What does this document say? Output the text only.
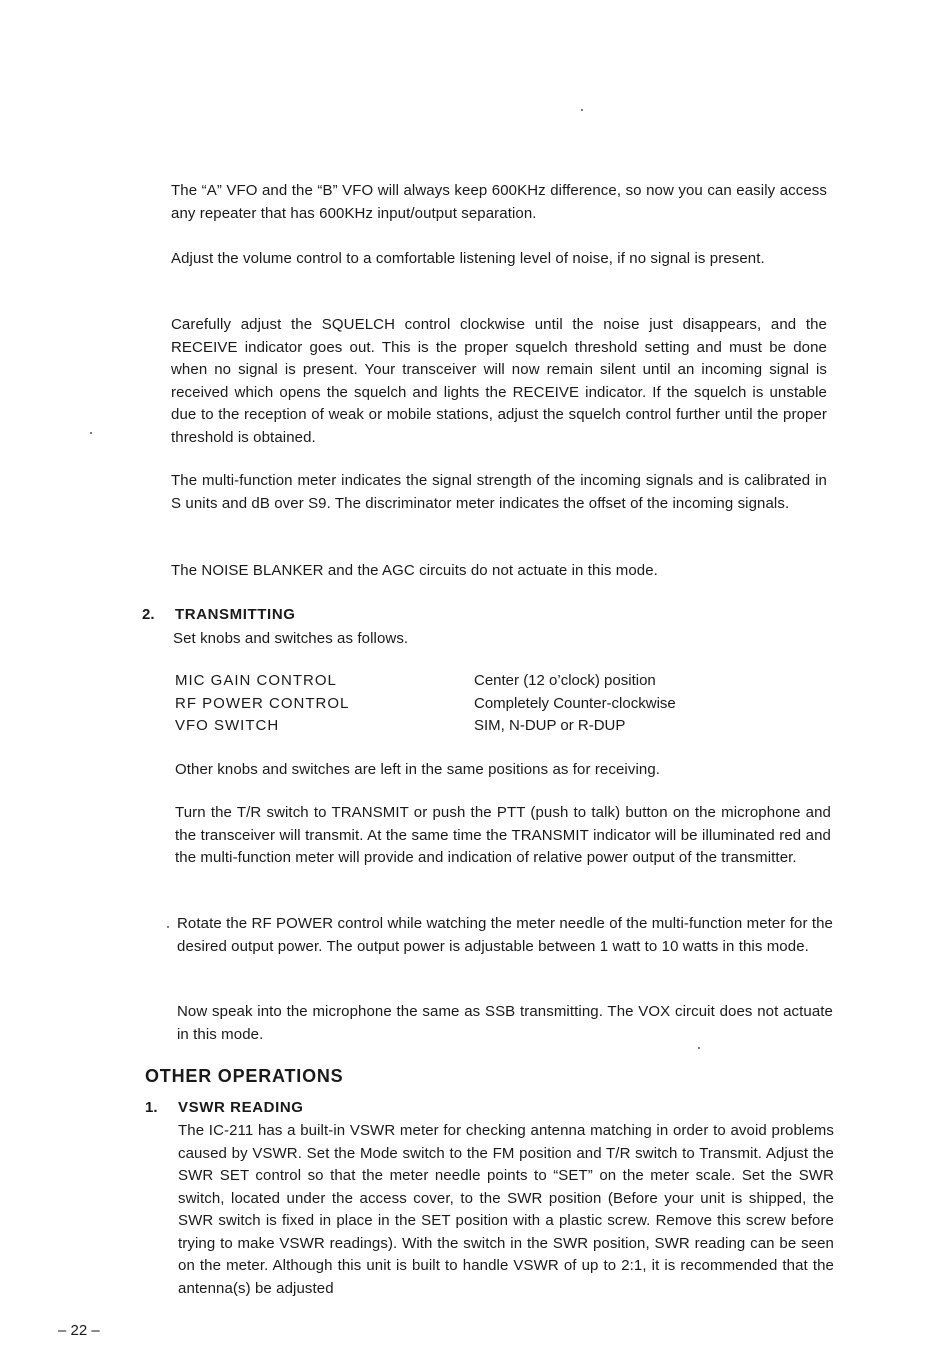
The “A” VFO and the “B” VFO will always keep 600KHz difference, so now you can easily access any repeater that has 600KHz input/output separation.

Adjust the volume control to a comfortable listening level of noise, if no signal is present.

Carefully adjust the SQUELCH control clockwise until the noise just disappears, and the RECEIVE indicator goes out. This is the proper squelch threshold setting and must be done when no signal is present. Your transceiver will now remain silent until an incoming signal is received which opens the squelch and lights the RECEIVE indicator. If the squelch is unstable due to the reception of weak or mobile stations, adjust the squelch control further until the proper threshold is obtained.

The multi-function meter indicates the signal strength of the incoming signals and is calibrated in S units and dB over S9. The discriminator meter indicates the offset of the incoming signals.

The NOISE BLANKER and the AGC circuits do not actuate in this mode.

2. TRANSMITTING

Set knobs and switches as follows.

MIC GAIN CONTROL	Center (12 o’clock) position
RF POWER CONTROL	Completely Counter-clockwise
VFO SWITCH	SIM, N-DUP or R-DUP

Other knobs and switches are left in the same positions as for receiving.

Turn the T/R switch to TRANSMIT or push the PTT (push to talk) button on the microphone and the transceiver will transmit. At the same time the TRANSMIT indicator will be illuminated red and the multi-function meter will provide and indication of relative power output of the transmitter.

Rotate the RF POWER control while watching the meter needle of the multi-function meter for the desired output power. The output power is adjustable between 1 watt to 10 watts in this mode.

Now speak into the microphone the same as SSB transmitting. The VOX circuit does not actuate in this mode.

OTHER OPERATIONS
1. VSWR READING

The IC-211 has a built-in VSWR meter for checking antenna matching in order to avoid problems caused by VSWR. Set the Mode switch to the FM position and T/R switch to Transmit. Adjust the SWR SET control so that the meter needle points to “SET” on the meter scale. Set the SWR switch, located under the access cover, to the SWR position (Before your unit is shipped, the SWR switch is fixed in place in the SET position with a plastic screw. Remove this screw before trying to make VSWR readings). With the switch in the SWR position, SWR reading can be seen on the meter. Although this unit is built to handle VSWR of up to 2:1, it is recommended that the antenna(s) be adjusted

– 22 –
